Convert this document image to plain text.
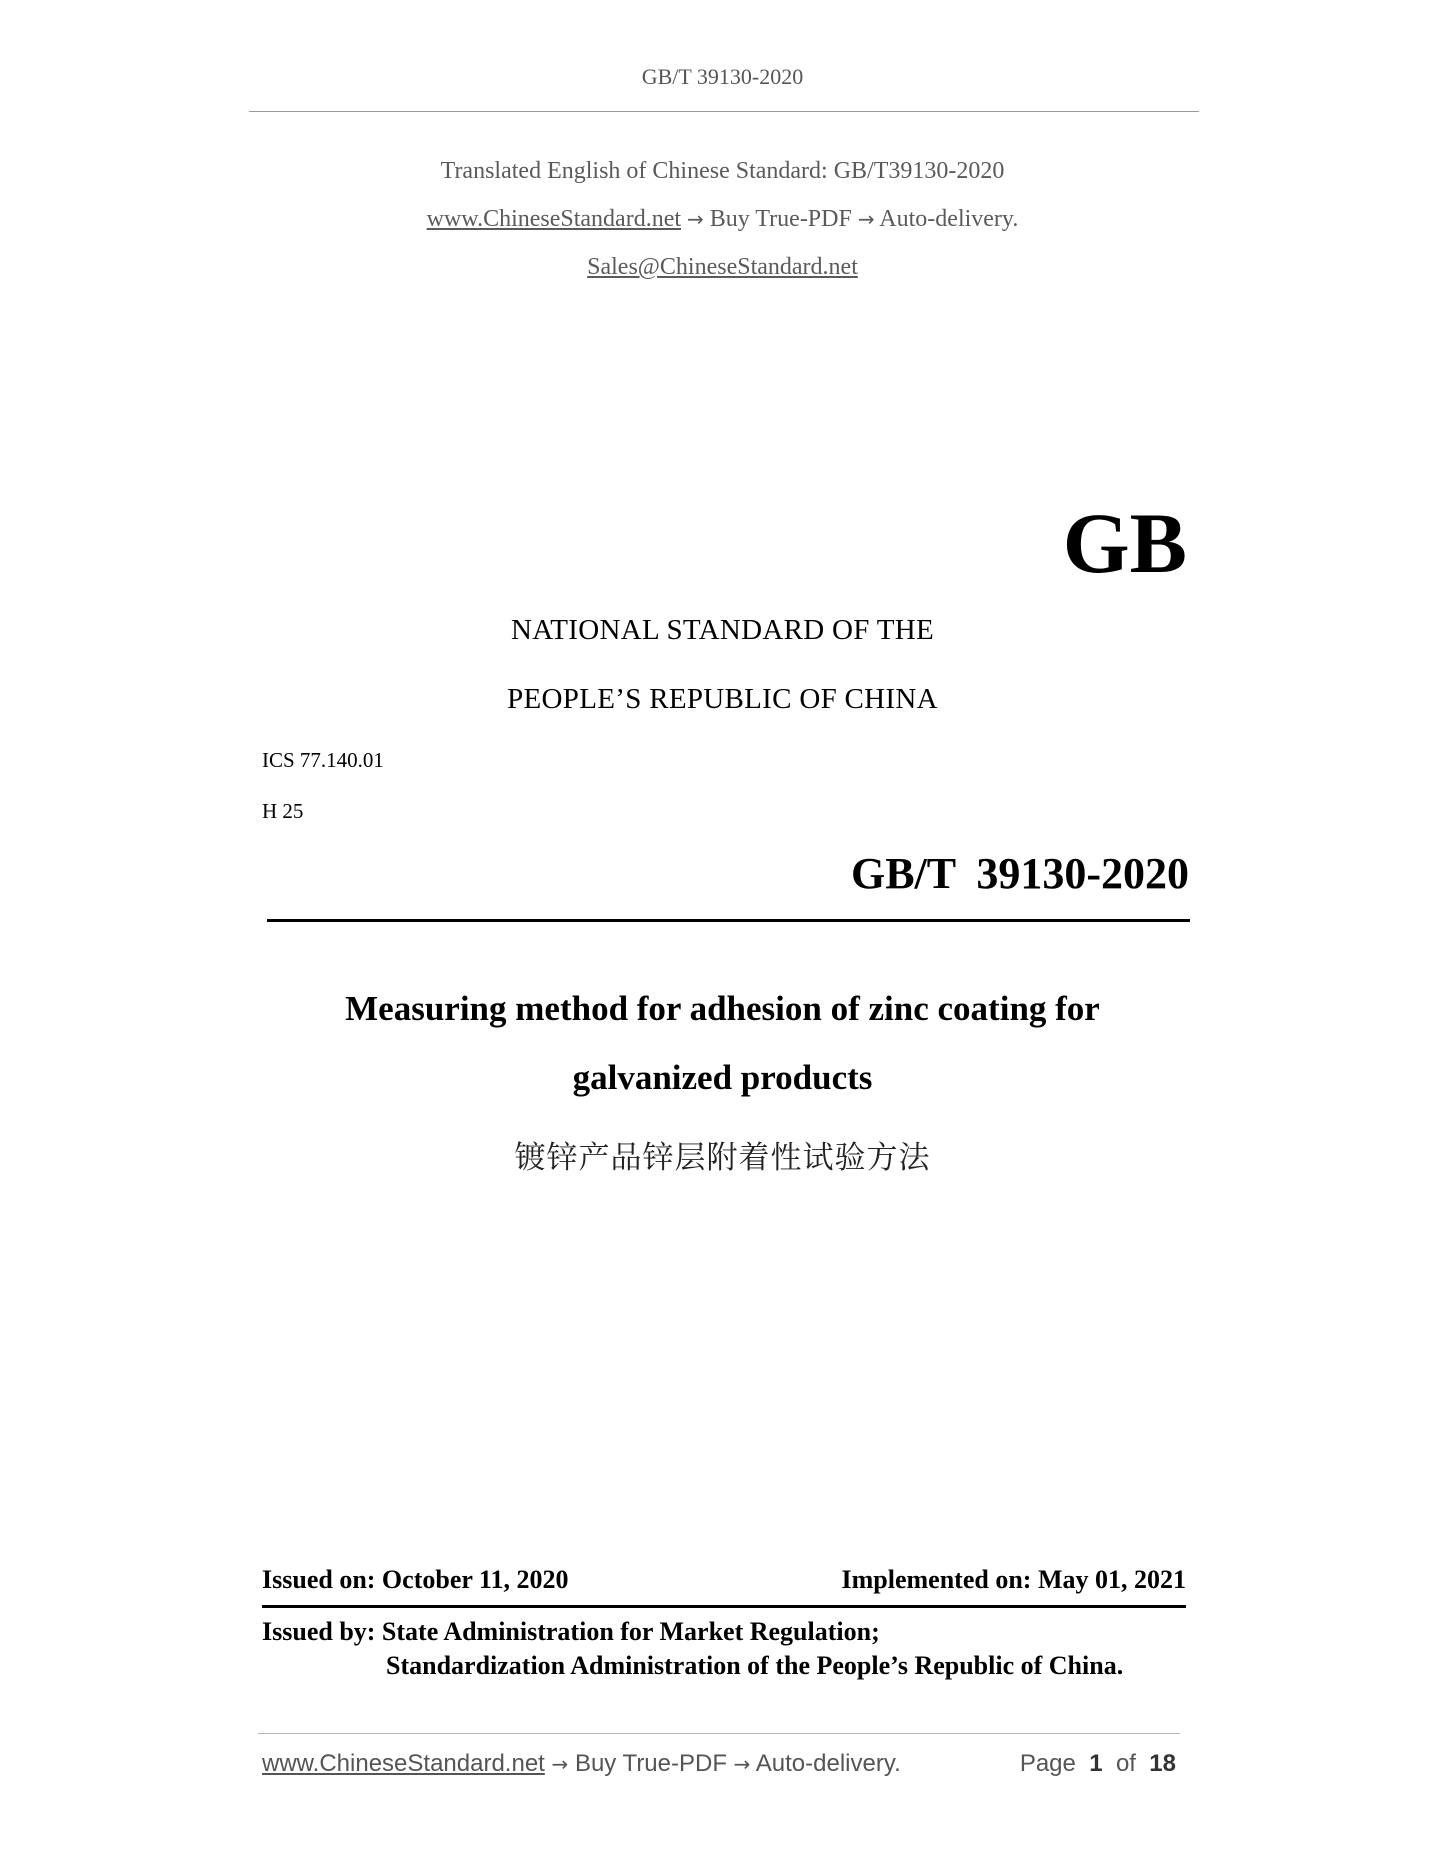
GB/T 39130-2020
Translated English of Chinese Standard: GB/T39130-2020
www.ChineseStandard.net → Buy True-PDF → Auto-delivery.
Sales@ChineseStandard.net
GB
NATIONAL STANDARD OF THE
PEOPLE’S REPUBLIC OF CHINA
ICS 77.140.01
H 25
GB/T 39130-2020
Measuring method for adhesion of zinc coating for
galvanized products
镀锌产品锌层附着性试验方法
Issued on: October 11, 2020	Implemented on: May 01, 2021
Issued by: State Administration for Market Regulation;
Standardization Administration of the People’s Republic of China.
www.ChineseStandard.net → Buy True-PDF → Auto-delivery.	Page 1 of 18
